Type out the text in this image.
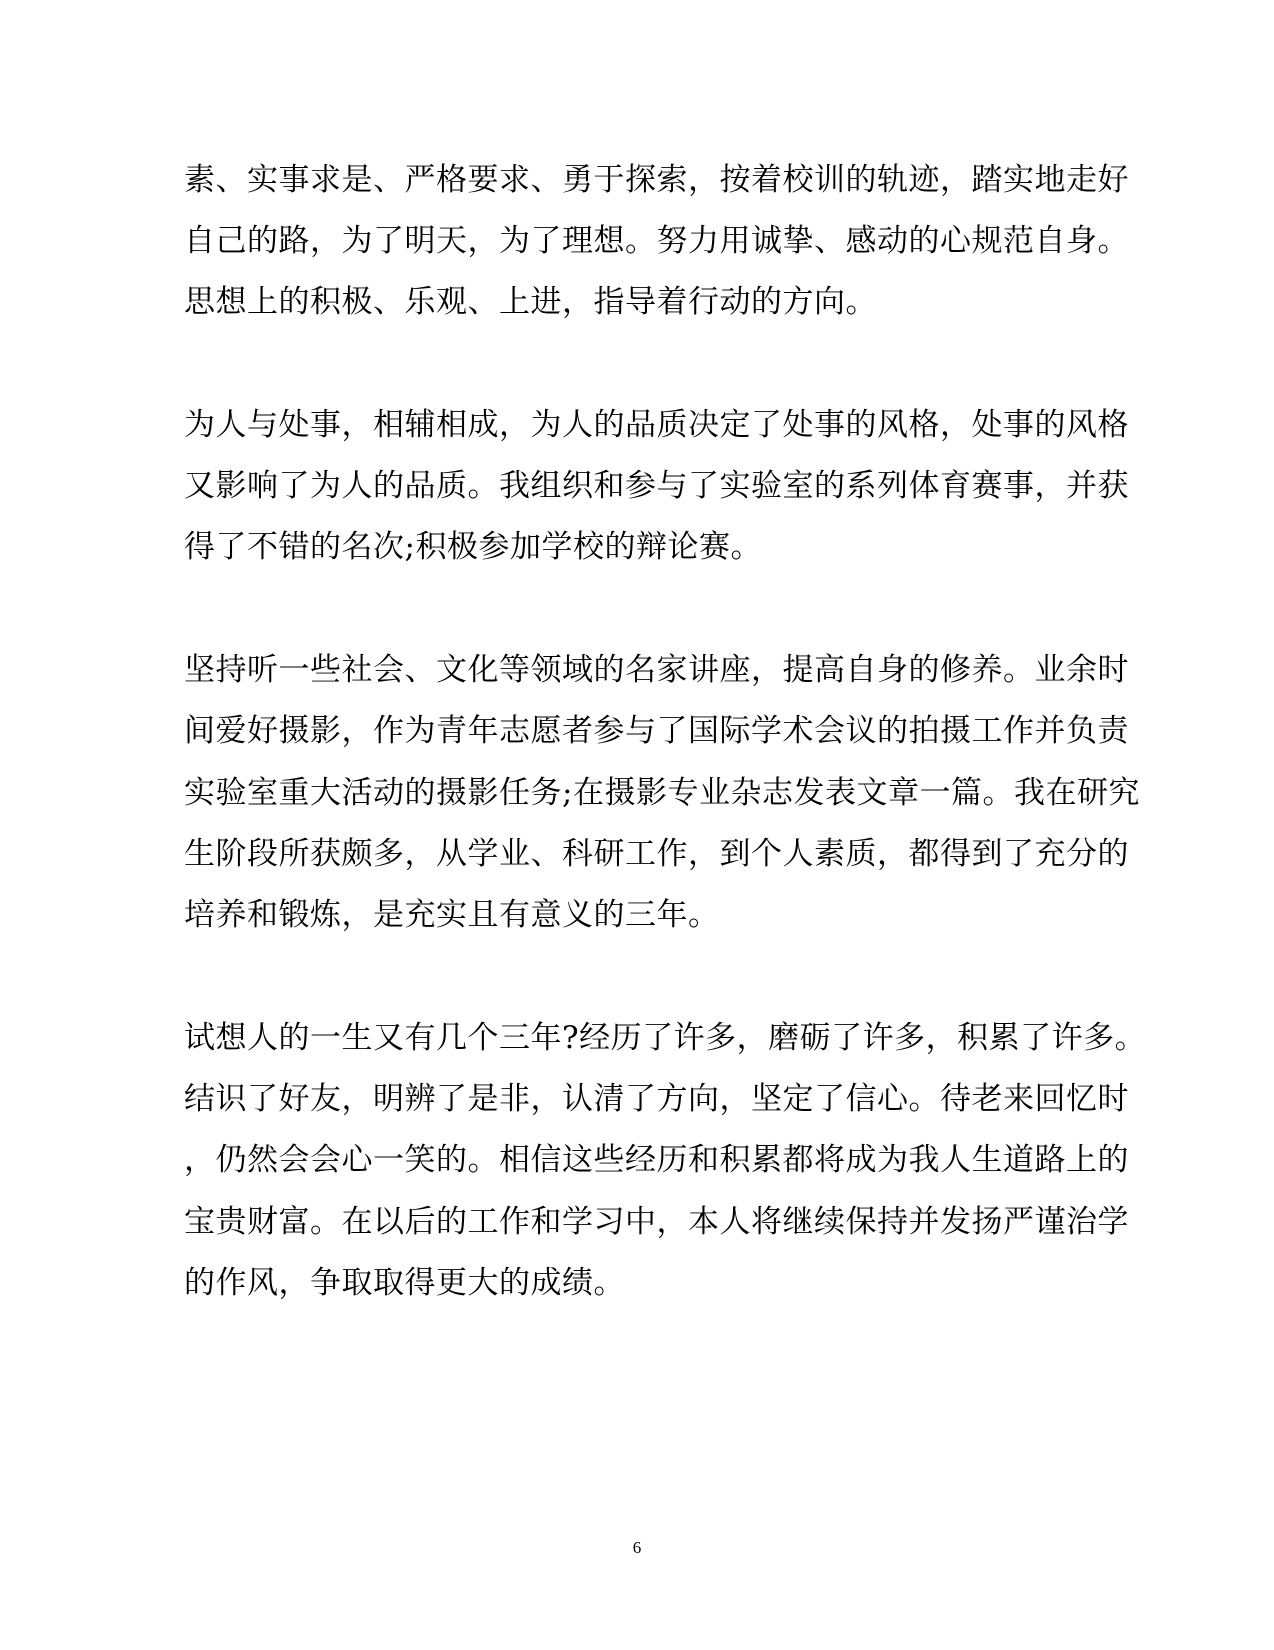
素、实事求是、严格要求、勇于探索，按着校训的轨迹，踏实地走好
自己的路，为了明天，为了理想。努力用诚挚、感动的心规范自身。
思想上的积极、乐观、上进，指导着行动的方向。
为人与处事，相辅相成，为人的品质决定了处事的风格，处事的风格
又影响了为人的品质。我组织和参与了实验室的系列体育赛事，并获
得了不错的名次;积极参加学校的辩论赛。
坚持听一些社会、文化等领域的名家讲座，提高自身的修养。业余时
间爱好摄影，作为青年志愿者参与了国际学术会议的拍摄工作并负责
实验室重大活动的摄影任务;在摄影专业杂志发表文章一篇。我在研究
生阶段所获颇多，从学业、科研工作，到个人素质，都得到了充分的
培养和锻炼，是充实且有意义的三年。
试想人的一生又有几个三年?经历了许多，磨砺了许多，积累了许多。
结识了好友，明辨了是非，认清了方向，坚定了信心。待老来回忆时
，仍然会会心一笑的。相信这些经历和积累都将成为我人生道路上的
宝贵财富。在以后的工作和学习中，本人将继续保持并发扬严谨治学
的作风，争取取得更大的成绩。
6
